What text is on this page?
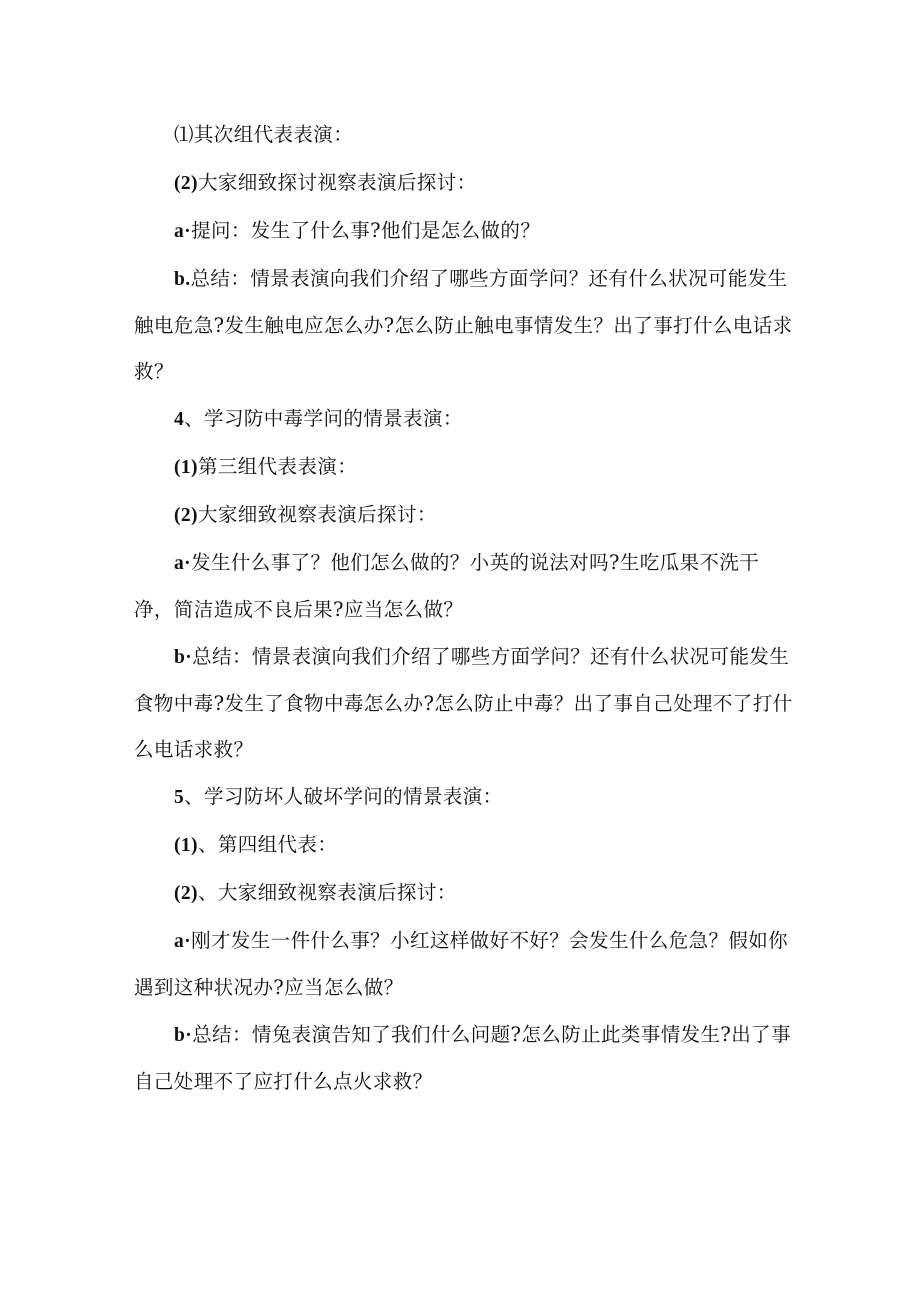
⑴其次组代表表演：

(2)大家细致探讨视察表演后探讨：

a·提问：发生了什么事?他们是怎么做的？

b.总结：情景表演向我们介绍了哪些方面学问？还有什么状况可能发生触电危急?发生触电应怎么办?怎么防止触电事情发生？出了事打什么电话求救？

4、学习防中毒学问的情景表演：

(1)第三组代表表演：

(2)大家细致视察表演后探讨：

a·发生什么事了？他们怎么做的？小英的说法对吗?生吃瓜果不洗干净，简洁造成不良后果?应当怎么做？

b·总结：情景表演向我们介绍了哪些方面学问？还有什么状况可能发生食物中毒?发生了食物中毒怎么办?怎么防止中毒？出了事自己处理不了打什么电话求救？

5、学习防坏人破坏学问的情景表演：

(1)、第四组代表：

(2)、大家细致视察表演后探讨：

a·刚才发生一件什么事？小红这样做好不好？会发生什么危急？假如你遇到这种状况办?应当怎么做？

b·总结：情兔表演告知了我们什么问题?怎么防止此类事情发生?出了事自己处理不了应打什么点火求救？
